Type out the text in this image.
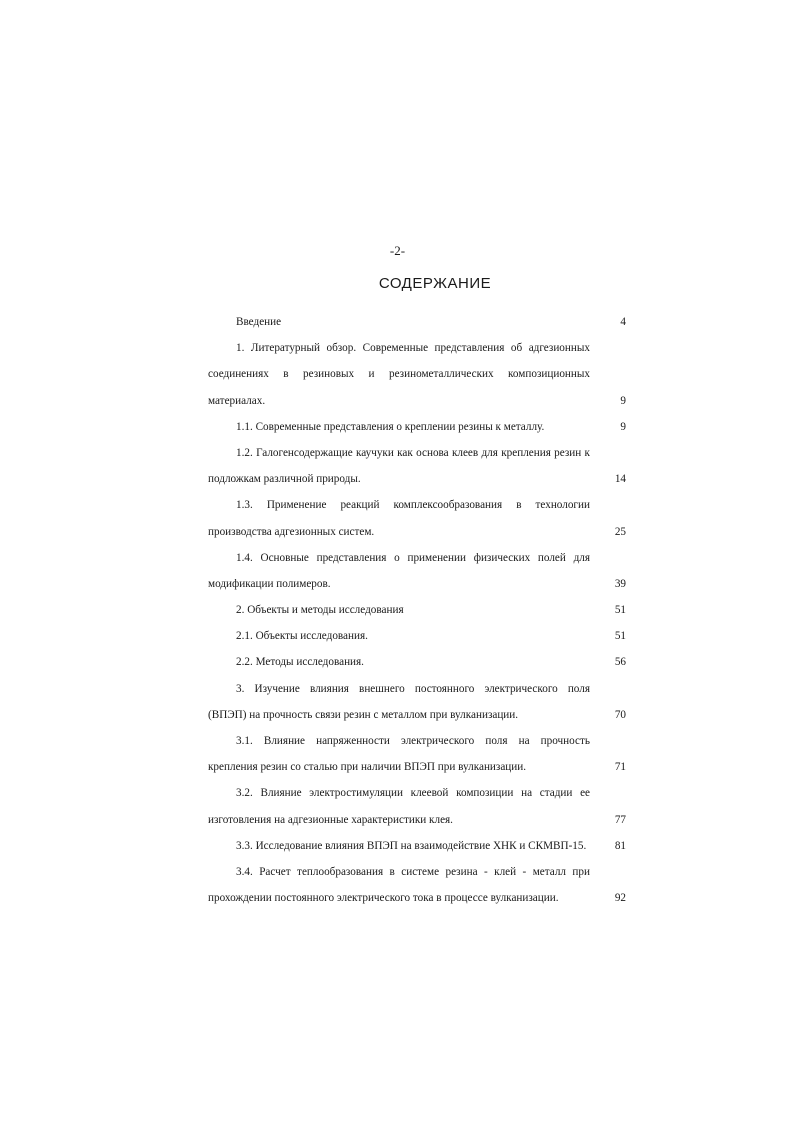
-2-
СОДЕРЖАНИЕ
Введение	4
1. Литературный обзор. Современные представления об адгезионных
соединениях в резиновых и резинометаллических композиционных
материалах.	9
1.1. Современные представления о креплении резины к металлу.	9
1.2. Галогенсодержащие каучуки как основа клеев для крепления резин к
подложкам различной природы.	14
1.3. Применение реакций комплексообразования в технологии
производства адгезионных систем.	25
1.4. Основные представления о применении физических полей для
модификации полимеров.	39
2. Объекты и методы исследования	51
2.1. Объекты исследования.	51
2.2. Методы исследования.	56
3. Изучение влияния внешнего постоянного электрического поля
(ВПЭП) на прочность связи резин с металлом при вулканизации.	70
3.1. Влияние напряженности электрического поля на прочность
крепления резин со сталью при наличии ВПЭП при вулканизации.	71
3.2. Влияние электростимуляции клеевой композиции на стадии ее
изготовления на адгезионные характеристики клея.	77
3.3. Исследование влияния ВПЭП на взаимодействие ХНК и СКМВП-15.	81
3.4. Расчет теплообразования в системе резина - клей - металл при
прохождении постоянного электрического тока в процессе вулканизации.	92
